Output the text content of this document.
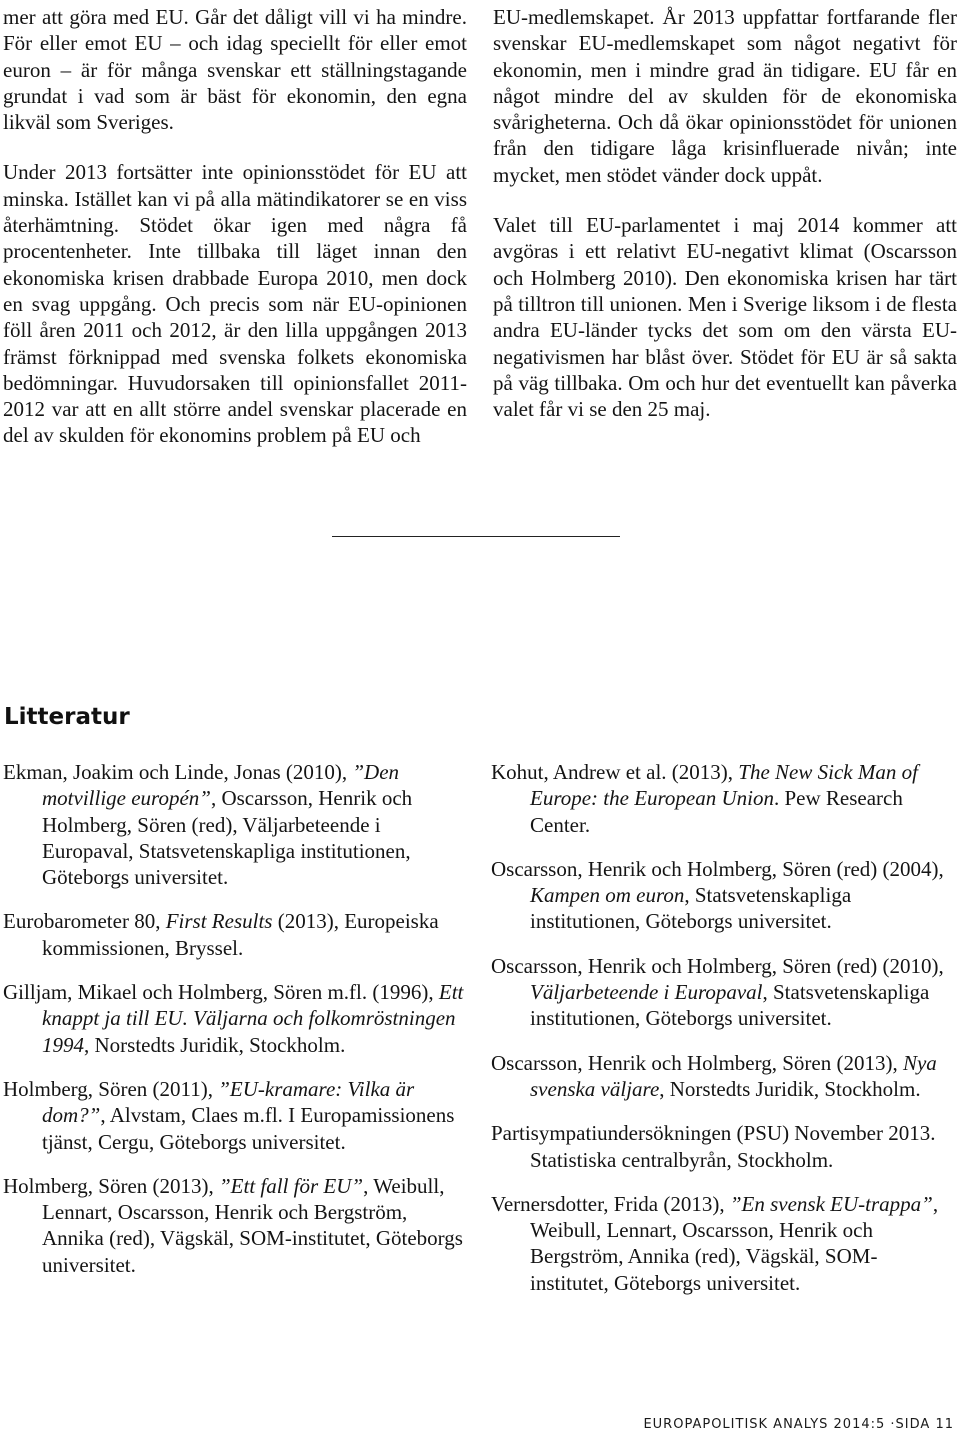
mer att göra med EU. Går det dåligt vill vi ha mindre. För eller emot EU – och idag speciellt för eller emot euron – är för många svenskar ett ställningstagande grundat i vad som är bäst för ekonomin, den egna likväl som Sveriges.

Under 2013 fortsätter inte opinionsstödet för EU att minska. Istället kan vi på alla mätindikatorer se en viss återhämtning. Stödet ökar igen med några få procentenheter. Inte tillbaka till läget innan den ekonomiska krisen drabbade Europa 2010, men dock en svag uppgång. Och precis som när EU-opinionen föll åren 2011 och 2012, är den lilla uppgången 2013 främst förknippad med svenska folkets ekonomiska bedömningar. Huvudorsaken till opinionsfallet 2011-2012 var att en allt större andel svenskar placerade en del av skulden för ekonomins problem på EU och

EU-medlemskapet. År 2013 uppfattar fortfarande fler svenskar EU-medlemskapet som något negativt för ekonomin, men i mindre grad än tidigare. EU får en något mindre del av skulden för de ekonomiska svårigheterna. Och då ökar opinionsstödet för unionen från den tidigare låga krisinfluerade nivån; inte mycket, men stödet vänder dock uppåt.

Valet till EU-parlamentet i maj 2014 kommer att avgöras i ett relativt EU-negativt klimat (Oscarsson och Holmberg 2010). Den ekonomiska krisen har tärt på tilltron till unionen. Men i Sverige liksom i de flesta andra EU-länder tycks det som om den värsta EU-negativismen har blåst över. Stödet för EU är så sakta på väg tillbaka. Om och hur det eventuellt kan påverka valet får vi se den 25 maj.

Litteratur

Ekman, Joakim och Linde, Jonas (2010), ”Den motvillige europén”, Oscarsson, Henrik och Holmberg, Sören (red), Väljarbeteende i Europaval, Statsvetenskapliga institutionen, Göteborgs universitet.

Eurobarometer 80, First Results (2013), Europeiska kommissionen, Bryssel.

Gilljam, Mikael och Holmberg, Sören m.fl. (1996), Ett knappt ja till EU. Väljarna och folkomröstningen 1994, Norstedts Juridik, Stockholm.

Holmberg, Sören (2011), ”EU-kramare: Vilka är dom?”, Alvstam, Claes m.fl. I Europamissionens tjänst, Cergu, Göteborgs universitet.

Holmberg, Sören (2013), ”Ett fall för EU”, Weibull, Lennart, Oscarsson, Henrik och Bergström, Annika (red), Vägskäl, SOM-institutet, Göteborgs universitet.

Kohut, Andrew et al. (2013), The New Sick Man of Europe: the European Union. Pew Research Center.

Oscarsson, Henrik och Holmberg, Sören (red) (2004), Kampen om euron, Statsvetenskapliga institutionen, Göteborgs universitet.

Oscarsson, Henrik och Holmberg, Sören (red) (2010), Väljarbeteende i Europaval, Statsvetenskapliga institutionen, Göteborgs universitet.

Oscarsson, Henrik och Holmberg, Sören (2013), Nya svenska väljare, Norstedts Juridik, Stockholm.

Partisympatiundersökningen (PSU) November 2013. Statistiska centralbyrån, Stockholm.

Vernersdotter, Frida (2013), ”En svensk EU-trappa”, Weibull, Lennart, Oscarsson, Henrik och Bergström, Annika (red), Vägskäl, SOM-institutet, Göteborgs universitet.

EUROPAPOLITISK ANALYS 2014:5 ·SIDA 11
